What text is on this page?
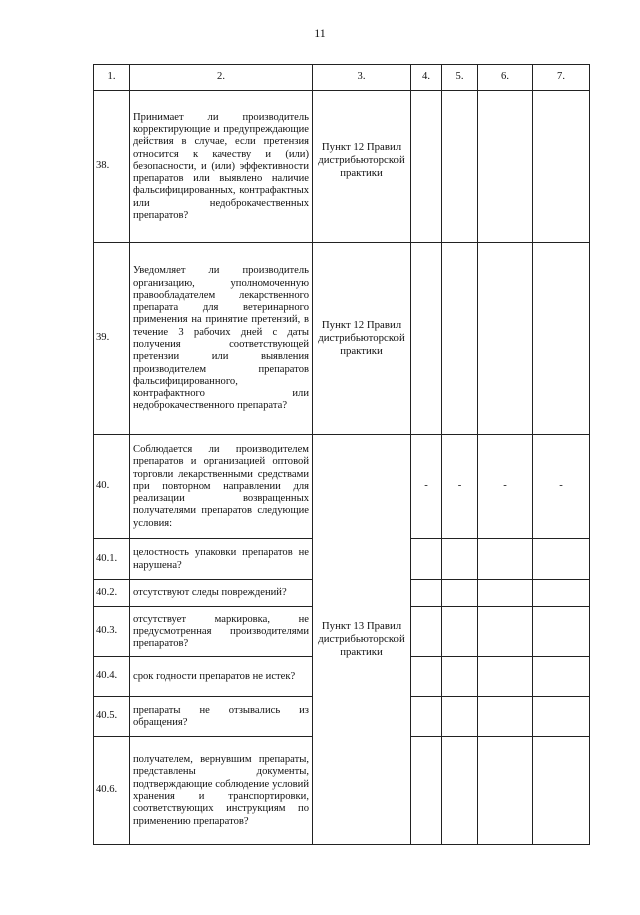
11
1.	2.	3.	4.	5.	6.	7.
38.	Принимает ли производитель корректирующие и предупреждающие действия в случае, если претензия относится к качеству и (или) безопасности, и (или) эффективности препаратов или выявлено наличие фальсифицированных, контрафактных или недоброкачественных препаратов?	Пункт 12 Правил дистрибьюторской практики				
39.	Уведомляет ли производитель организацию, уполномоченную правообладателем лекарственного препарата для ветеринарного применения на принятие претензий, в течение 3 рабочих дней с даты получения соответствующей претензии или выявления производителем препаратов фальсифицированного, контрафактного или недоброкачественного препарата?	Пункт 12 Правил дистрибьюторской практики				
40.	Соблюдается ли производителем препаратов и организацией оптовой торговли лекарственными средствами при повторном направлении для реализации возвращенных получателями препаратов следующие условия:	Пункт 13 Правил дистрибьюторской практики	-	-	-	-
40.1.	целостность упаковки препаратов не нарушена?					
40.2.	отсутствуют следы повреждений?					
40.3.	отсутствует маркировка, не предусмотренная производителями препаратов?					
40.4.	срок годности препаратов не истек?					
40.5.	препараты не отзывались из обращения?					
40.6.	получателем, вернувшим препараты, представлены документы, подтверждающие соблюдение условий хранения и транспортировки, соответствующих инструкциям по применению препаратов?					
